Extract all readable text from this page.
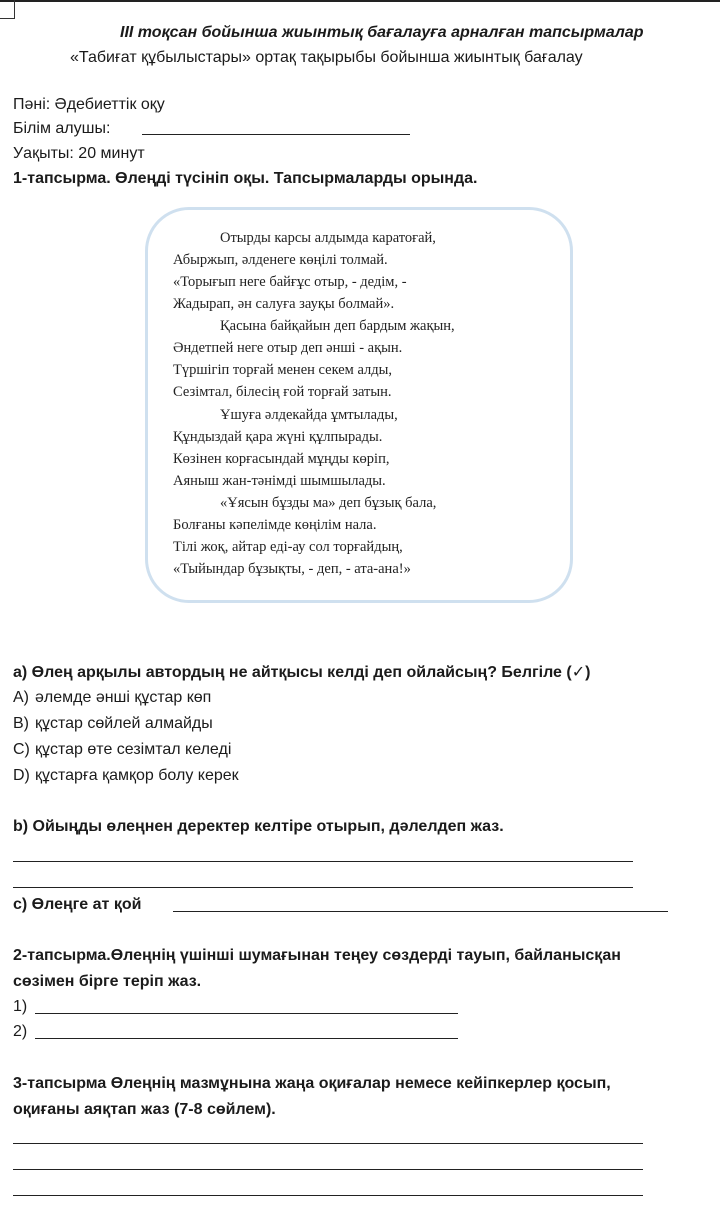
ІІІ тоқсан бойынша жиынтық бағалауға арналған тапсырмалар
«Табиғат құбылыстары» ортақ тақырыбы бойынша жиынтық бағалау
Пәні: Әдебиеттік оқу
Білім алушы:
Уақыты: 20 минут
1-тапсырма. Өлеңді түсініп оқы. Тапсырмаларды орында.
Отырды карсы алдымда каратоғай,
Абыржып, әлденеге көңілі толмай.
«Торығып неге байғұс отыр, - дедім, -
Жадырап, ән салуға зауқы болмай».
Қасына байқайын деп бардым жақын,
Әндетпей неге отыр деп әнші - ақын.
Түршігіп торғай менен секем алды,
Сезімтал, білесің ғой торғай затын.
Ұшуға әлдекайда ұмтылады,
Құндыздай қара жүні құлпырады.
Көзінен корғасындай мұңды көріп,
Аяныш жан-тәнімді шымшылады.
«Ұясын бұзды ма» деп бұзық бала,
Болғаны кәпелімде көңілім нала.
Тілі жоқ, айтар еді-ау сол торғайдың,
«Тыйындар бұзықты, - деп, - ата-ана!»
a) Өлең арқылы автордың не айтқысы келді деп ойлайсың? Белгіле (✓)
A) әлемде әнші құстар көп
B) құстар сөйлей алмайды
C) құстар өте сезімтал келеді
D) құстарға қамқор болу керек
b) Ойыңды өлеңнен деректер келтіре отырып, дәлелдеп жаз.
c) Өлеңге ат қой
2-тапсырма.Өлеңнің үшінші шумағынан теңеу сөздерді тауып, байланысқан
сөзімен бірге теріп жаз.
1)
2)
3-тапсырма Өлеңнің мазмұнына жаңа оқиғалар немесе кейіпкерлер қосып,
оқиғаны аяқтап жаз (7-8 сөйлем).
